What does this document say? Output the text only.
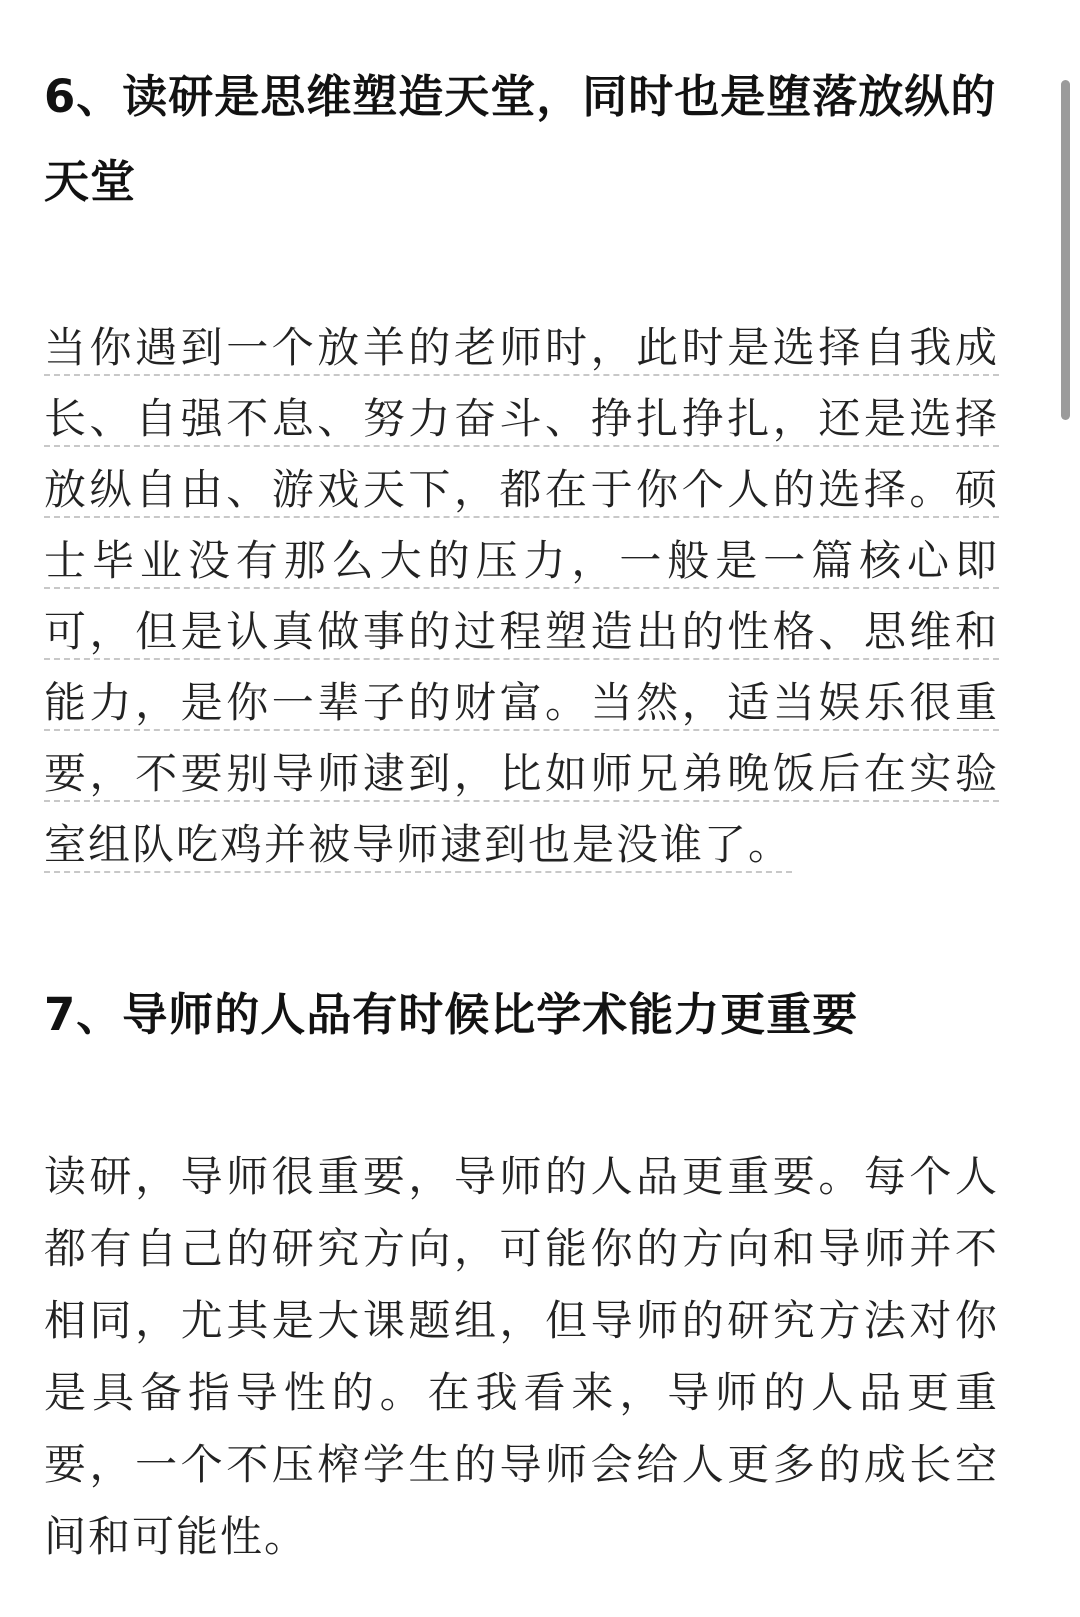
6、读研是思维塑造天堂，同时也是堕落放纵的天堂

当你遇到一个放羊的老师时，此时是选择自我成长、自强不息、努力奋斗、挣扎挣扎，还是选择放纵自由、游戏天下，都在于你个人的选择。硕士毕业没有那么大的压力，一般是一篇核心即可，但是认真做事的过程塑造出的性格、思维和能力，是你一辈子的财富。当然，适当娱乐很重要，不要别导师逮到，比如师兄弟晚饭后在实验室组队吃鸡并被导师逮到也是没谁了。

7、导师的人品有时候比学术能力更重要

读研，导师很重要，导师的人品更重要。每个人都有自己的研究方向，可能你的方向和导师并不相同，尤其是大课题组，但导师的研究方法对你是具备指导性的。在我看来，导师的人品更重要，一个不压榨学生的导师会给人更多的成长空间和可能性。
